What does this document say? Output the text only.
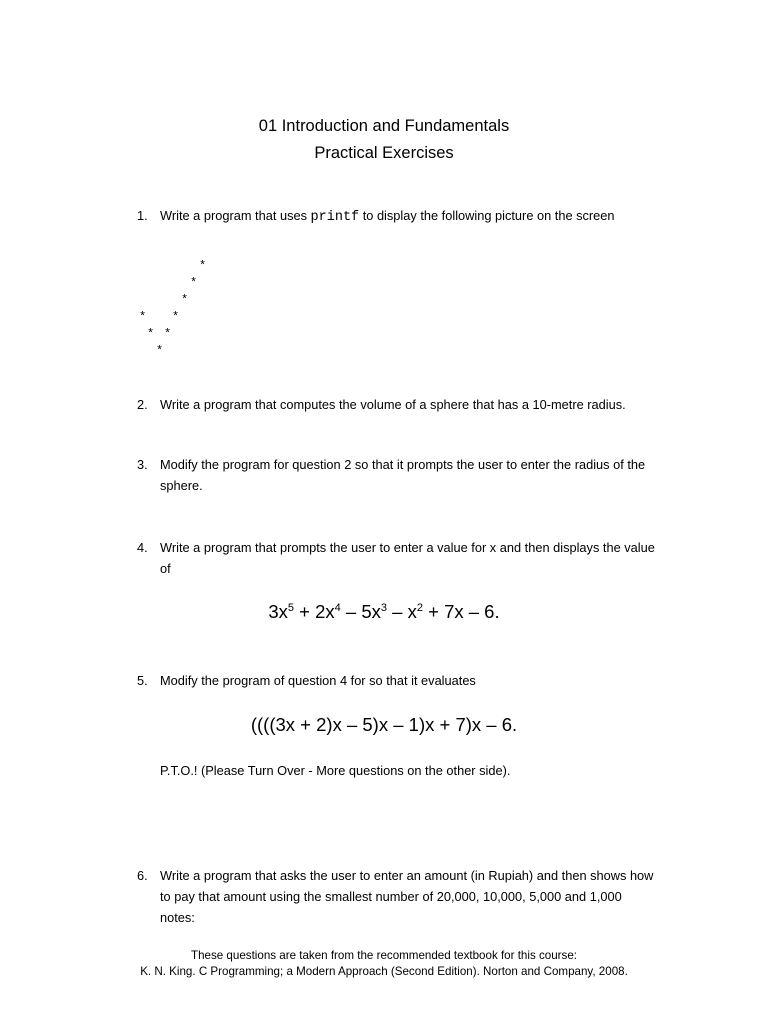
01 Introduction and Fundamentals
Practical Exercises
1. Write a program that uses printf to display the following picture on the screen
*
*
*
* *
* *
*
2. Write a program that computes the volume of a sphere that has a 10-metre radius.
3. Modify the program for question 2 so that it prompts the user to enter the radius of the sphere.
4. Write a program that prompts the user to enter a value for x and then displays the value of
$3x^5 + 2x^4 - 5x^3 - x^2 + 7x - 6$.
5. Modify the program of question 4 for so that it evaluates
((((3x + 2)x – 5)x – 1)x + 7)x – 6.
P.T.O.! (Please Turn Over - More questions on the other side).
6. Write a program that asks the user to enter an amount (in Rupiah) and then shows how to pay that amount using the smallest number of 20,000, 10,000, 5,000 and 1,000 notes:
These questions are taken from the recommended textbook for this course:
K. N. King. C Programming; a Modern Approach (Second Edition). Norton and Company, 2008.
